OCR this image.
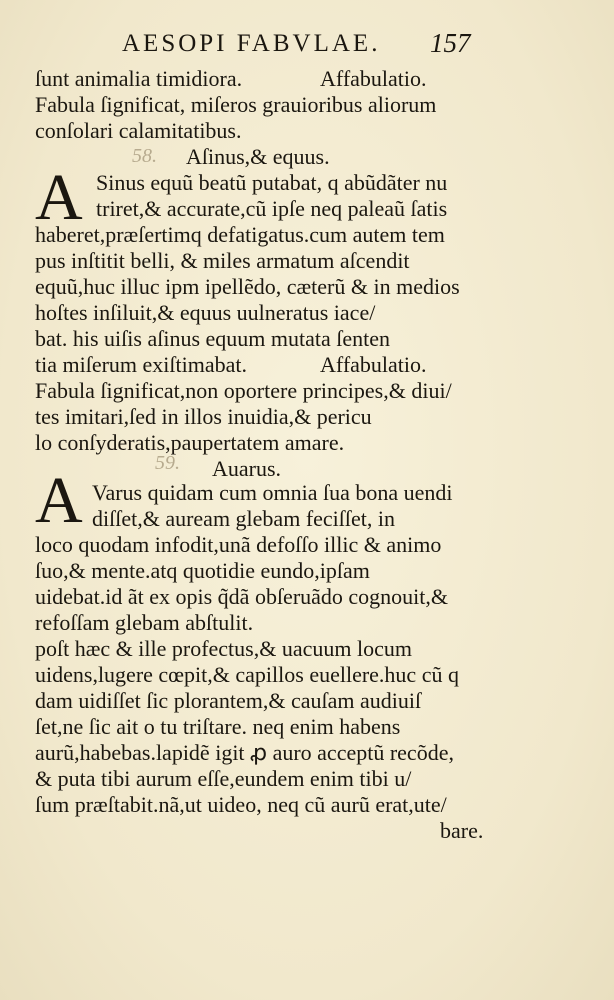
AESOPI FABVLAE. 157
58.
59.
A
A
ſunt animalia timidiora.	Affabulatio.
Fabula ſignificat, miſeros grauioribus aliorum
conſolari calamitatibus.
Aſinus,& equus.
Sinus equũ beatũ putabat, q abũdãter nu
triret,& accurate,cũ ipſe neq paleaũ ſatis
haberet,præſertimq defatigatus.cum autem tem
pus inſtitit belli, & miles armatum aſcendit
equũ,huc illuc ipm ipellẽdo, cæterũ & in medios
hoſtes inſiluit,& equus uulneratus iace/
bat. his uiſis aſinus equum mutata ſenten
tia miſerum exiſtimabat.	Affabulatio.
Fabula ſignificat,non oportere principes,& diui/
tes imitari,ſed in illos inuidia,& pericu
lo conſyderatis,paupertatem amare.
Auarus.
Varus quidam cum omnia ſua bona uendi
diſſet,& auream glebam feciſſet, in
loco quodam infodit,unã defoſſo illic & animo
ſuo,& mente.atq quotidie eundo,ipſam
uidebat.id ãt ex opis q̃dã obſeruãdo cognouit,&
refoſſam glebam abſtulit.
poſt hæc & ille profectus,& uacuum locum
uidens,lugere cœpit,& capillos euellere.huc cũ q
dam uidiſſet ſic plorantem,& cauſam audiuiſ
ſet,ne ſic ait o tu triſtare. neq enim habens
aurũ,habebas.lapidẽ igit ꝓ auro acceptũ recõde,
& puta tibi aurum eſſe,eundem enim tibi u/
ſum præſtabit.nã,ut uideo, neq cũ aurũ erat,ute/
bare.
